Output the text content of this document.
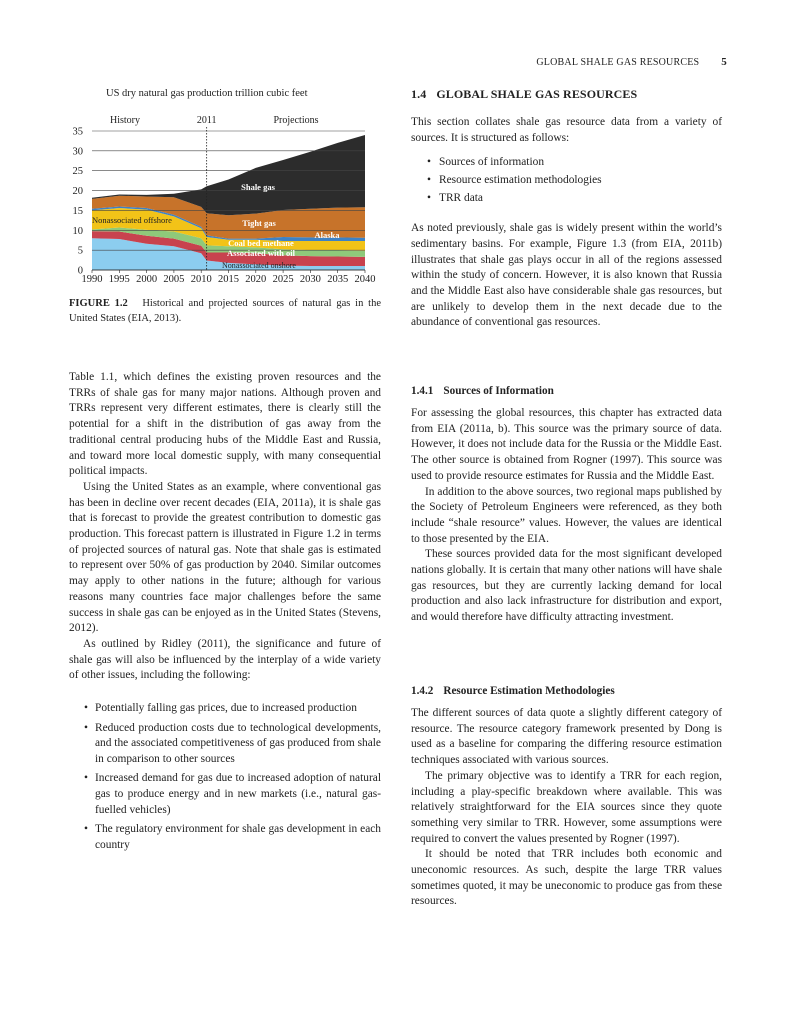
GLOBAL SHALE GAS RESOURCES 5
US dry natural gas production trillion cubic feet
0
5
10
15
20
25
30
35
1990 1995 2000 2005 2010 2015 2020 2025 2030 2035 2040
History	2011	Projections
Shale gas
Tight gas
Nonassociated offshore
Alaska
Coal bed methane
Associated with oil
Nonassociated onshore
FIGURE 1.2 Historical and projected sources of natural gas in the United States (EIA, 2013).

Table 1.1, which defines the existing proven resources and the TRRs of shale gas for many major nations. Although proven and TRRs represent very different estimates, there is clearly still the potential for a shift in the distribution of gas away from the traditional central producing hubs of the Middle East and Russia, and toward more local domestic supply, with many consequential political impacts.

Using the United States as an example, where conventional gas has been in decline over recent decades (EIA, 2011a), it is shale gas that is forecast to provide the greatest contribution to domestic gas production. This forecast pattern is illustrated in Figure 1.2 in terms of projected sources of natural gas. Note that shale gas is estimated to represent over 50% of gas production by 2040. Similar outcomes may apply to other nations in the future; although for various reasons many countries face major challenges before the same success in shale gas can be enjoyed as in the United States (Stevens, 2012).

As outlined by Ridley (2011), the significance and future of shale gas will also be influenced by the interplay of a wide variety of other issues, including the following:

• Potentially falling gas prices, due to increased production
• Reduced production costs due to technological developments, and the associated competitiveness of gas produced from shale in comparison to other sources
• Increased demand for gas due to increased adoption of natural gas to produce energy and in new markets (i.e., natural gas-fuelled vehicles)
• The regulatory environment for shale gas development in each country
1.4 GLOBAL SHALE GAS RESOURCES

This section collates shale gas resource data from a variety of sources. It is structured as follows:

• Sources of information
• Resource estimation methodologies
• TRR data

As noted previously, shale gas is widely present within the world’s sedimentary basins. For example, Figure 1.3 (from EIA, 2011b) illustrates that shale gas plays occur in all of the regions assessed within the study of concern. However, it is also known that Russia and the Middle East also have considerable shale gas resources, but are unlikely to develop them in the next decade due to the abundance of conventional gas resources.

1.4.1 Sources of Information

For assessing the global resources, this chapter has extracted data from EIA (2011a, b). This source was the primary source of data. However, it does not include data for the Russia or the Middle East. The other source is obtained from Rogner (1997). This source was used to provide resource estimates for Russia and the Middle East.

In addition to the above sources, two regional maps published by the Society of Petroleum Engineers were referenced, as they both include “shale resource” values. However, the values are identical to those presented by the EIA.

These sources provided data for the most significant developed nations globally. It is certain that many other nations will have shale gas resources, but they are currently lacking demand for local production and also lack infrastructure for distribution and export, and would therefore have difficulty attracting investment.

1.4.2 Resource Estimation Methodologies

The different sources of data quote a slightly different category of resource. The resource category framework presented by Dong is used as a baseline for comparing the differing resource estimation techniques associated with various sources.

The primary objective was to identify a TRR for each region, including a play-specific breakdown where available. This was relatively straightforward for the EIA sources since they quote something very similar to TRR. However, some assumptions were required to convert the values presented by Rogner (1997).

It should be noted that TRR includes both economic and uneconomic resources. As such, despite the large TRR values sometimes quoted, it may be uneconomic to produce gas from these resources.
